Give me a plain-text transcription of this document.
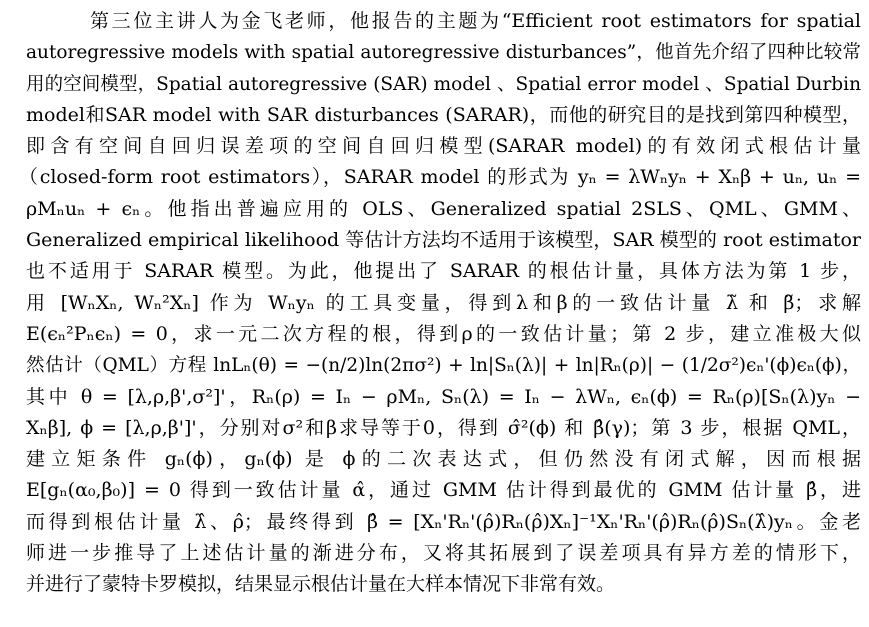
第三位主讲人为金飞老师，他报告的主题为“Efficient root estimators for spatial
autoregressive models with spatial autoregressive disturbances”，他首先介绍了四种比较常
用的空间模型，Spatial autoregressive (SAR) model 、Spatial error model 、Spatial Durbin
model和SAR model with SAR disturbances (SARAR)，而他的研究目的是找到第四种模型，
即含有空间自回归误差项的空间自回归模型(SARAR model)的有效闭式根估计量
（closed-form root estimators），SARAR model 的形式为 yₙ = λWₙyₙ + Xₙβ + uₙ, uₙ =
ρMₙuₙ + ϵₙ。他指出普遍应用的 OLS、Generalized spatial 2SLS、QML、GMM、
Generalized empirical likelihood 等估计方法均不适用于该模型，SAR 模型的 root estimator
也不适用于 SARAR 模型。为此，他提出了 SARAR 的根估计量，具体方法为第 1 步，
用 [WₙXₙ, Wₙ²Xₙ] 作为 Wₙyₙ 的工具变量，得到λ和β的一致估计量 λ̃ 和 β̃；求解
E(ϵₙ²Pₙϵₙ) = 0，求一元二次方程的根，得到ρ的一致估计量；第 2 步，建立准极大似
然估计（QML）方程 lnLₙ(θ) = −(n/2)ln(2πσ²) + ln|Sₙ(λ)| + ln|Rₙ(ρ)| − (1/2σ²)ϵₙ'(ϕ)ϵₙ(ϕ)，
其中 θ = [λ,ρ,β',σ²]'，Rₙ(ρ) = Iₙ − ρMₙ, Sₙ(λ) = Iₙ − λWₙ, ϵₙ(ϕ) = Rₙ(ρ)[Sₙ(λ)yₙ −
Xₙβ], ϕ = [λ,ρ,β']'，分别对σ²和β求导等于0，得到 σ̂²(ϕ) 和 β̂(γ)；第 3 步，根据 QML，
建立矩条件 gₙ(ϕ)，gₙ(ϕ) 是 ϕ的二次表达式，但仍然没有闭式解，因而根据
E[gₙ(α₀,β₀)] = 0 得到一致估计量 α̂，通过 GMM 估计得到最优的 GMM 估计量 β̂，进
而得到根估计量 λ̂、ρ̂；最终得到 β̂ = [Xₙ'Rₙ'(ρ̂)Rₙ(ρ̂)Xₙ]⁻¹Xₙ'Rₙ'(ρ̂)Rₙ(ρ̂)Sₙ(λ̂)yₙ。金老
师进一步推导了上述估计量的渐进分布，又将其拓展到了误差项具有异方差的情形下，
并进行了蒙特卡罗模拟，结果显示根估计量在大样本情况下非常有效。
